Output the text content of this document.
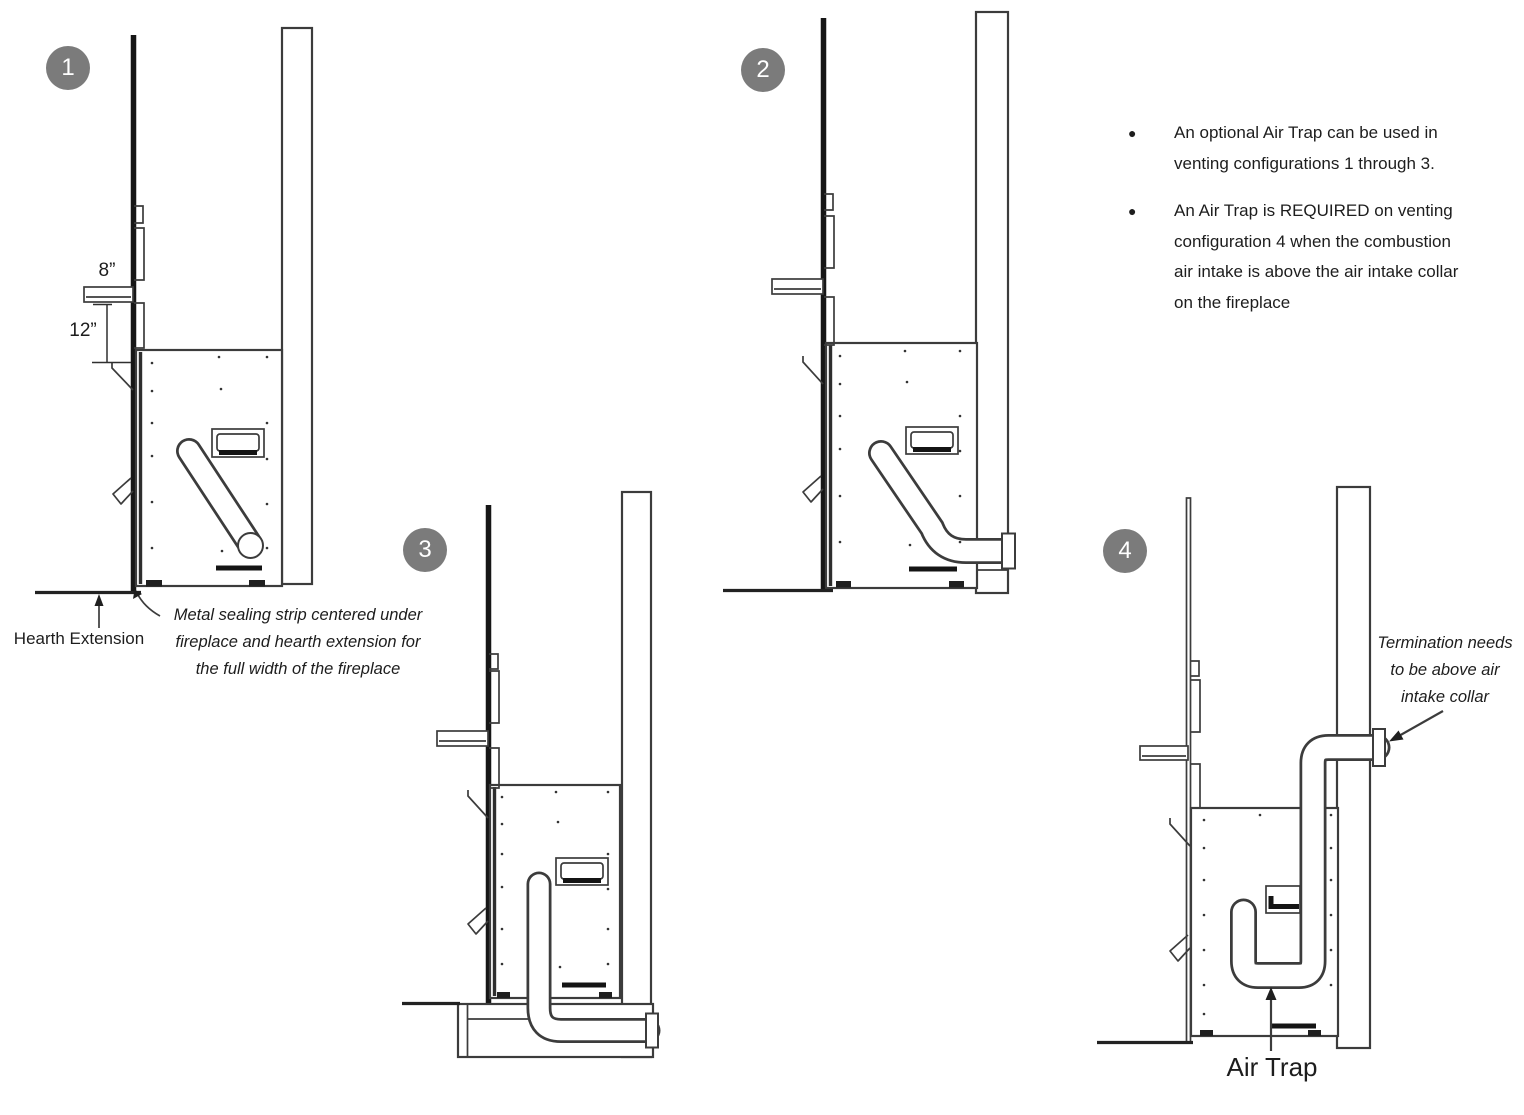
1	2
3	4
8”
12”
Hearth Extension
Metal sealing strip centered under
fireplace and hearth extension for
the full width of the fireplace
Termination needs
to be above air
intake collar
Air Trap
●	An optional Air Trap can be used in
venting configurations 1 through 3.
●	An Air Trap is REQUIRED on venting
configuration 4 when the combustion
air intake is above the air intake collar
on the fireplace
